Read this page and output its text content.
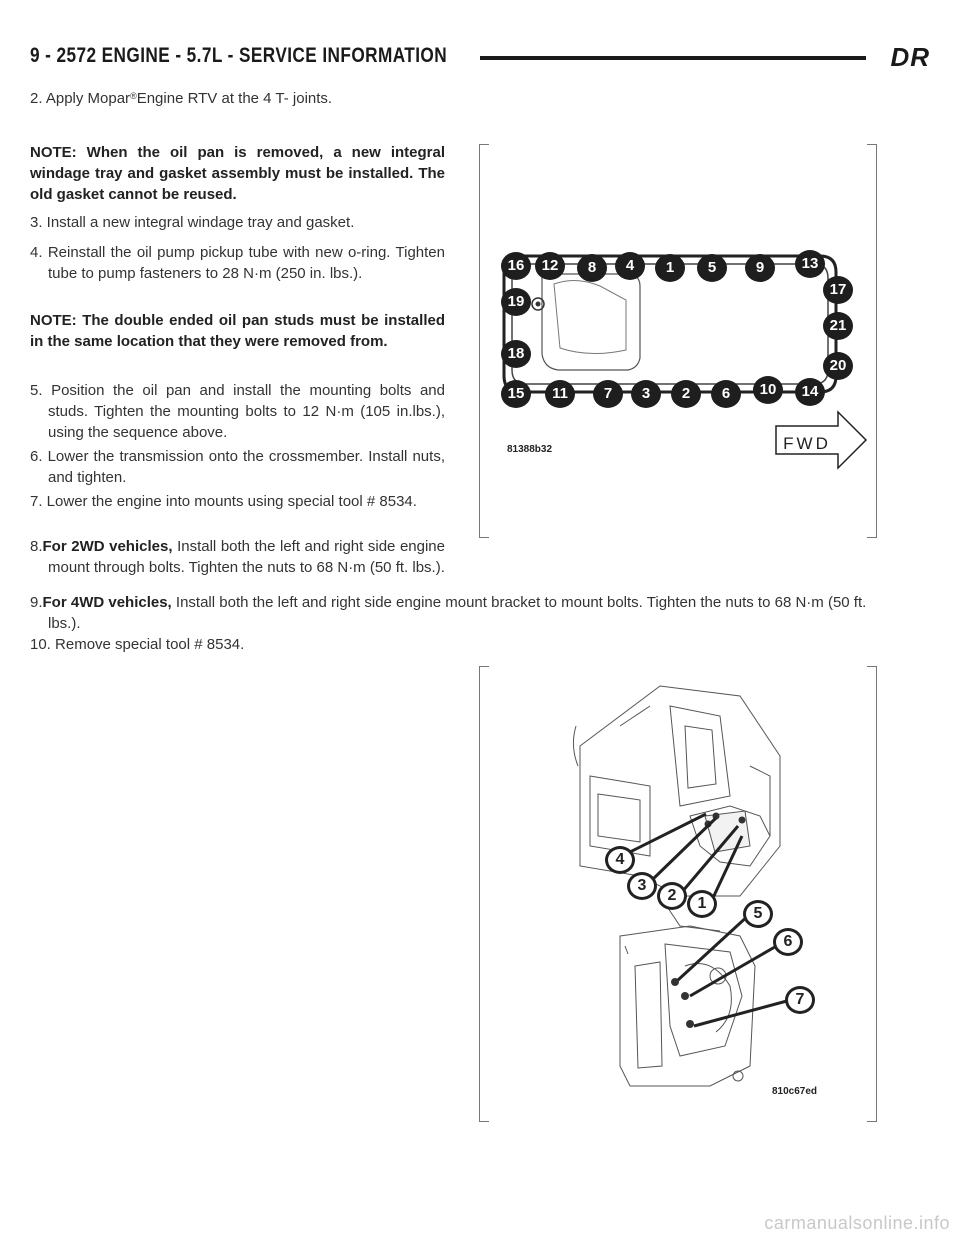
9 - 2572 ENGINE - 5.7L - SERVICE INFORMATION	DR
2. Apply Mopar®Engine RTV at the 4 T- joints.
NOTE: When the oil pan is removed, a new integral windage tray and gasket assembly must be installed. The old gasket cannot be reused.
3. Install a new integral windage tray and gasket.
4. Reinstall the oil pump pickup tube with new o-ring. Tighten tube to pump fasteners to 28 N·m (250 in. lbs.).
NOTE: The double ended oil pan studs must be installed in the same location that they were removed from.
5. Position the oil pan and install the mounting bolts and studs. Tighten the mounting bolts to 12 N·m (105 in.lbs.), using the sequence above.
6. Lower the transmission onto the crossmember. Install nuts, and tighten.
7. Lower the engine into mounts using special tool # 8534.
8.For 2WD vehicles, Install both the left and right side engine mount through bolts. Tighten the nuts to 68 N·m (50 ft. lbs.).
9.For 4WD vehicles, Install both the left and right side engine mount bracket to mount bolts. Tighten the nuts to 68 N·m (50 ft. lbs.).
10. Remove special tool # 8534.
FWD
81388b32
16	12	8	4	1	5	9	13
17
21
20
14
10
6
2
3
7
11
15
18
19
810c67ed
4
3
2	1
5
6
7
carmanualsonline.info
